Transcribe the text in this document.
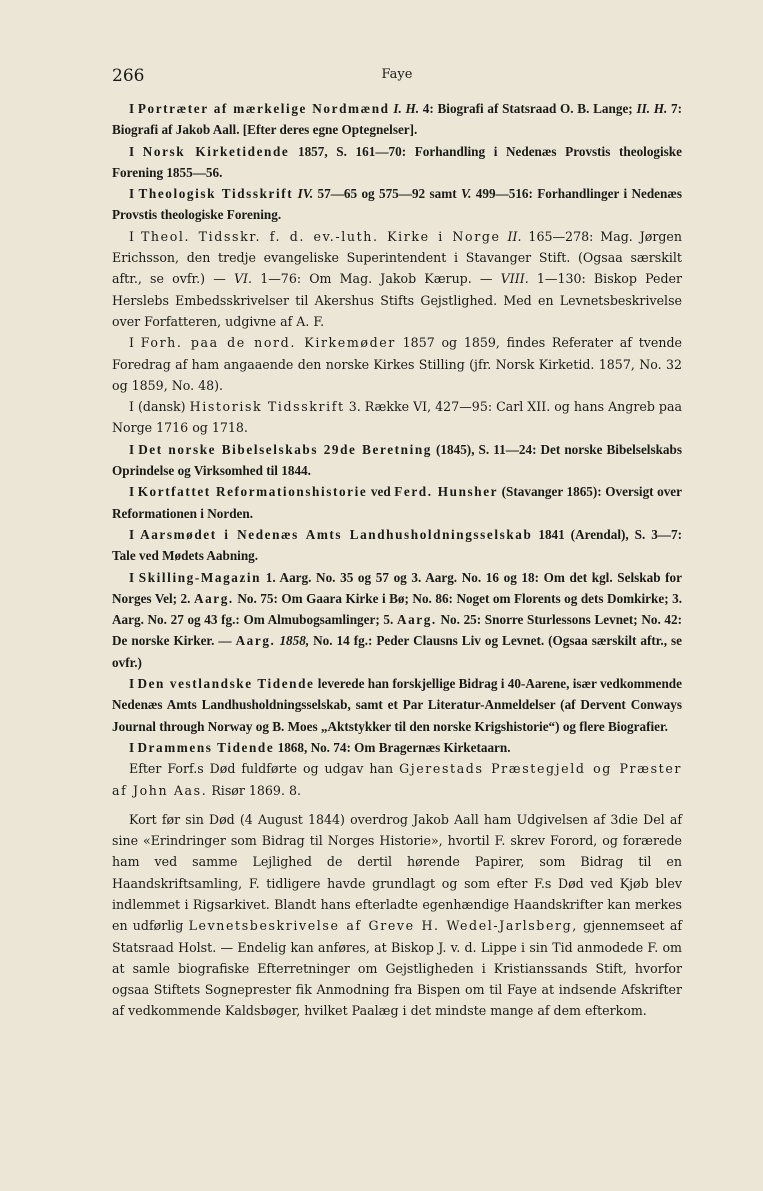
266	Faye

I Portræter af mærkelige Nordmænd I. H. 4: Biografi af Statsraad O. B. Lange; II. H. 7: Biografi af Jakob Aall. [Efter deres egne Optegnelser].

I Norsk Kirketidende 1857, S. 161—70: Forhandling i Nedenæs Provstis theologiske Forening 1855—56.

I Theologisk Tidsskrift IV. 57—65 og 575—92 samt V. 499—516: Forhandlinger i Nedenæs Provstis theologiske Forening.

I Theol. Tidsskr. f. d. ev.-luth. Kirke i Norge II. 165—278: Mag. Jørgen Erichsson, den tredje evangeliske Superintendent i Stavanger Stift. (Ogsaa særskilt aftr., se ovfr.) — VI. 1—76: Om Mag. Jakob Kærup. — VIII. 1—130: Biskop Peder Herslebs Embedsskrivelser til Akershus Stifts Gejstlighed. Med en Levnetsbeskrivelse over Forfatteren, udgivne af A. F.

I Forh. paa de nord. Kirkemøder 1857 og 1859, findes Referater af tvende Foredrag af ham angaaende den norske Kirkes Stilling (jfr. Norsk Kirketid. 1857, No. 32 og 1859, No. 48).

I (dansk) Historisk Tidsskrift 3. Række VI, 427—95: Carl XII. og hans Angreb paa Norge 1716 og 1718.

I Det norske Bibelselskabs 29de Beretning (1845), S. 11—24: Det norske Bibelselskabs Oprindelse og Virksomhed til 1844.

I Kortfattet Reformationshistorie ved Ferd. Hunsher (Stavanger 1865): Oversigt over Reformationen i Norden.

I Aarsmødet i Nedenæs Amts Landhusholdningsselskab 1841 (Arendal), S. 3—7: Tale ved Mødets Aabning.

I Skilling-Magazin 1. Aarg. No. 35 og 57 og 3. Aarg. No. 16 og 18: Om det kgl. Selskab for Norges Vel; 2. Aarg. No. 75: Om Gaara Kirke i Bø; No. 86: Noget om Florents og dets Domkirke; 3. Aarg. No. 27 og 43 fg.: Om Almubogsamlinger; 5. Aarg. No. 25: Snorre Sturlessons Levnet; No. 42: De norske Kirker. — Aarg. 1858, No. 14 fg.: Peder Clausns Liv og Levnet. (Ogsaa særskilt aftr., se ovfr.)

I Den vestlandske Tidende leverede han forskjellige Bidrag i 40-Aarene, især vedkommende Nedenæs Amts Landhusholdningsselskab, samt et Par Literatur-Anmeldelser (af Dervent Conways Journal through Norway og B. Moes „Aktstykker til den norske Krigshistorie“) og flere Biografier.

I Drammens Tidende 1868, No. 74: Om Bragernæs Kirketaarn.

Efter Forf.s Død fuldførte og udgav han Gjerestads Præstegjeld og Præster af John Aas. Risør 1869. 8.

Kort før sin Død (4 August 1844) overdrog Jakob Aall ham Udgivelsen af 3die Del af sine «Erindringer som Bidrag til Norges Historie», hvortil F. skrev Forord, og forærede ham ved samme Lejlighed de dertil hørende Papirer, som Bidrag til en Haandskriftsamling, F. tidligere havde grundlagt og som efter F.s Død ved Kjøb blev indlemmet i Rigsarkivet. Blandt hans efterladte egenhændige Haandskrifter kan merkes en udførlig Levnetsbeskrivelse af Greve H. Wedel-Jarlsberg, gjennemseet af Statsraad Holst. — Endelig kan anføres, at Biskop J. v. d. Lippe i sin Tid anmodede F. om at samle biografiske Efterretninger om Gejstligheden i Kristianssands Stift, hvorfor ogsaa Stiftets Sogneprester fik Anmodning fra Bispen om til Faye at indsende Afskrifter af vedkommende Kaldsbøger, hvilket Paalæg i det mindste mange af dem efterkom.
